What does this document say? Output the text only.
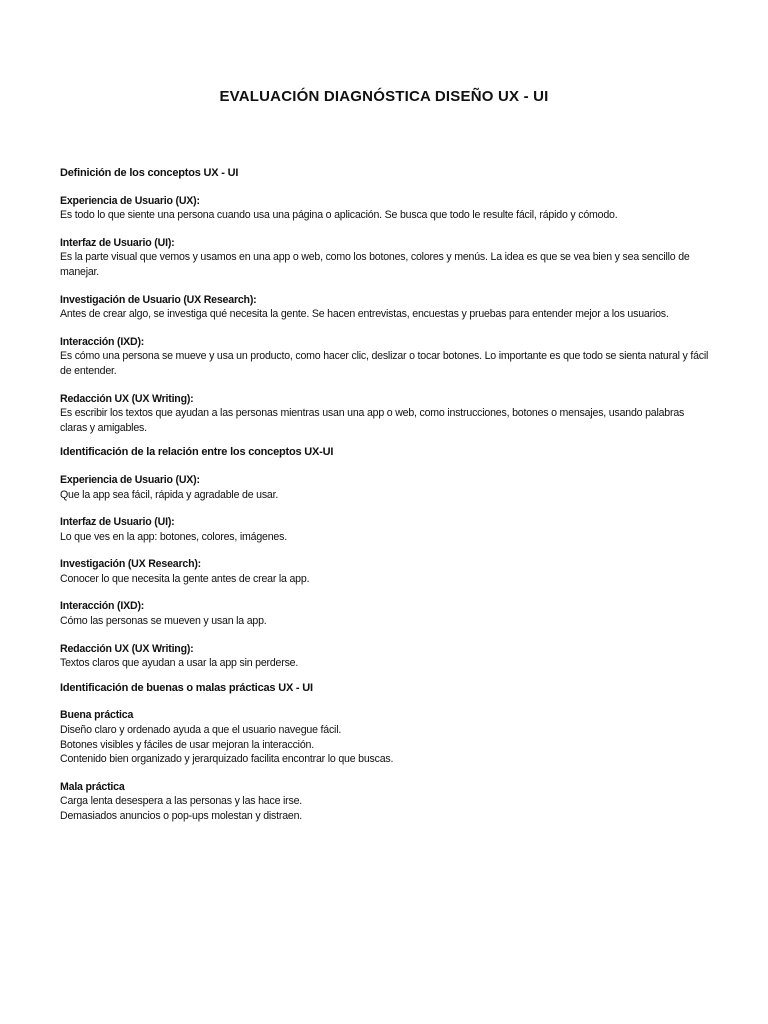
EVALUACIÓN DIAGNÓSTICA DISEÑO UX - UI
Definición de los conceptos UX - UI
Experiencia de Usuario (UX):
Es todo lo que siente una persona cuando usa una página o aplicación. Se busca que todo le resulte fácil, rápido y cómodo.
Interfaz de Usuario (UI):
Es la parte visual que vemos y usamos en una app o web, como los botones, colores y menús. La idea es que se vea bien y sea sencillo de manejar.
Investigación de Usuario (UX Research):
Antes de crear algo, se investiga qué necesita la gente. Se hacen entrevistas, encuestas y pruebas para entender mejor a los usuarios.
Interacción (IXD):
Es cómo una persona se mueve y usa un producto, como hacer clic, deslizar o tocar botones. Lo importante es que todo se sienta natural y fácil de entender.
Redacción UX (UX Writing):
Es escribir los textos que ayudan a las personas mientras usan una app o web, como instrucciones, botones o mensajes, usando palabras claras y amigables.
Identificación de la relación entre los conceptos UX-UI
Experiencia de Usuario (UX):
Que la app sea fácil, rápida y agradable de usar.
Interfaz de Usuario (UI):
Lo que ves en la app: botones, colores, imágenes.
Investigación (UX Research):
Conocer lo que necesita la gente antes de crear la app.
Interacción (IXD):
Cómo las personas se mueven y usan la app.
Redacción UX (UX Writing):
Textos claros que ayudan a usar la app sin perderse.
Identificación de buenas o malas prácticas UX - UI
Buena práctica
Diseño claro y ordenado ayuda a que el usuario navegue fácil.
Botones visibles y fáciles de usar mejoran la interacción.
Contenido bien organizado y jerarquizado facilita encontrar lo que buscas.
Mala práctica
Carga lenta desespera a las personas y las hace irse.
Demasiados anuncios o pop-ups molestan y distraen.
